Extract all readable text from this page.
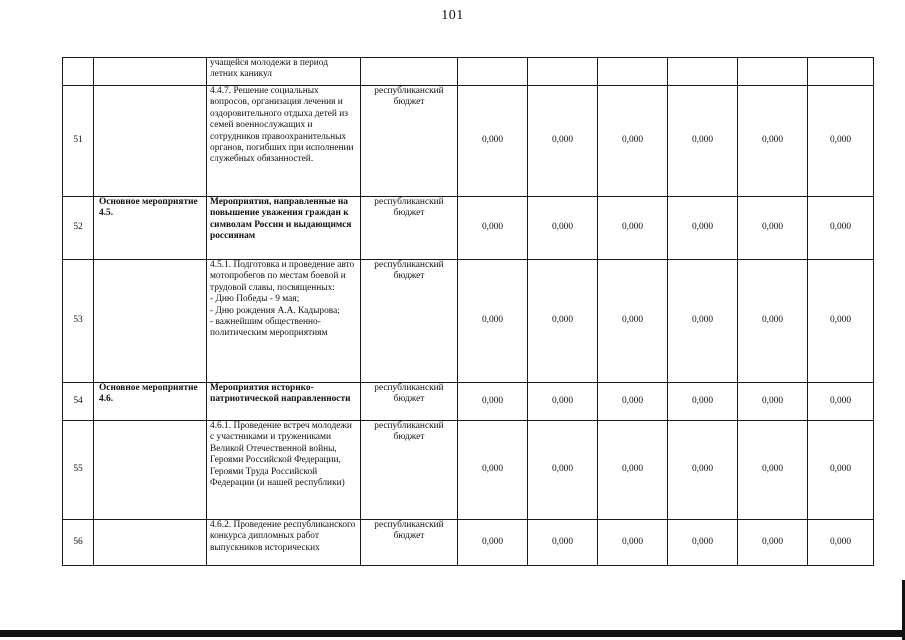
101
		учащейся молодежи в период летних каникул							
51		4.4.7. Решение социальных вопросов, организация лечения и оздоровительного отдыха детей из семей военнослужащих и сотрудников правоохранительных органов, погибших при исполнении служебных обязанностей.	республиканский бюджет	0,000	0,000	0,000	0,000	0,000	0,000
52	Основное мероприятие 4.5.	Мероприятия, направленные на повышение уважения граждан к символам России и выдающимся россиянам	республиканский бюджет	0,000	0,000	0,000	0,000	0,000	0,000
53		4.5.1. Подготовка и проведение авто мотопробегов по местам боевой и трудовой славы, посвященных:
- Дню Победы - 9 мая;
- Дню рождения А.А. Кадырова;
- важнейшим общественно-политическим мероприятиям	республиканский бюджет	0,000	0,000	0,000	0,000	0,000	0,000
54	Основное мероприятие 4.6.	Мероприятия историко-патриотической направленности	республиканский бюджет	0,000	0,000	0,000	0,000	0,000	0,000
55		4.6.1. Проведение встреч молодежи с участниками и тружениками Великой Отечественной войны, Героями Российской Федерации, Героями Труда Российской Федерации (и нашей республики)	республиканский бюджет	0,000	0,000	0,000	0,000	0,000	0,000
56		4.6.2. Проведение республиканского конкурса дипломных работ выпускников исторических	республиканский бюджет	0,000	0,000	0,000	0,000	0,000	0,000
